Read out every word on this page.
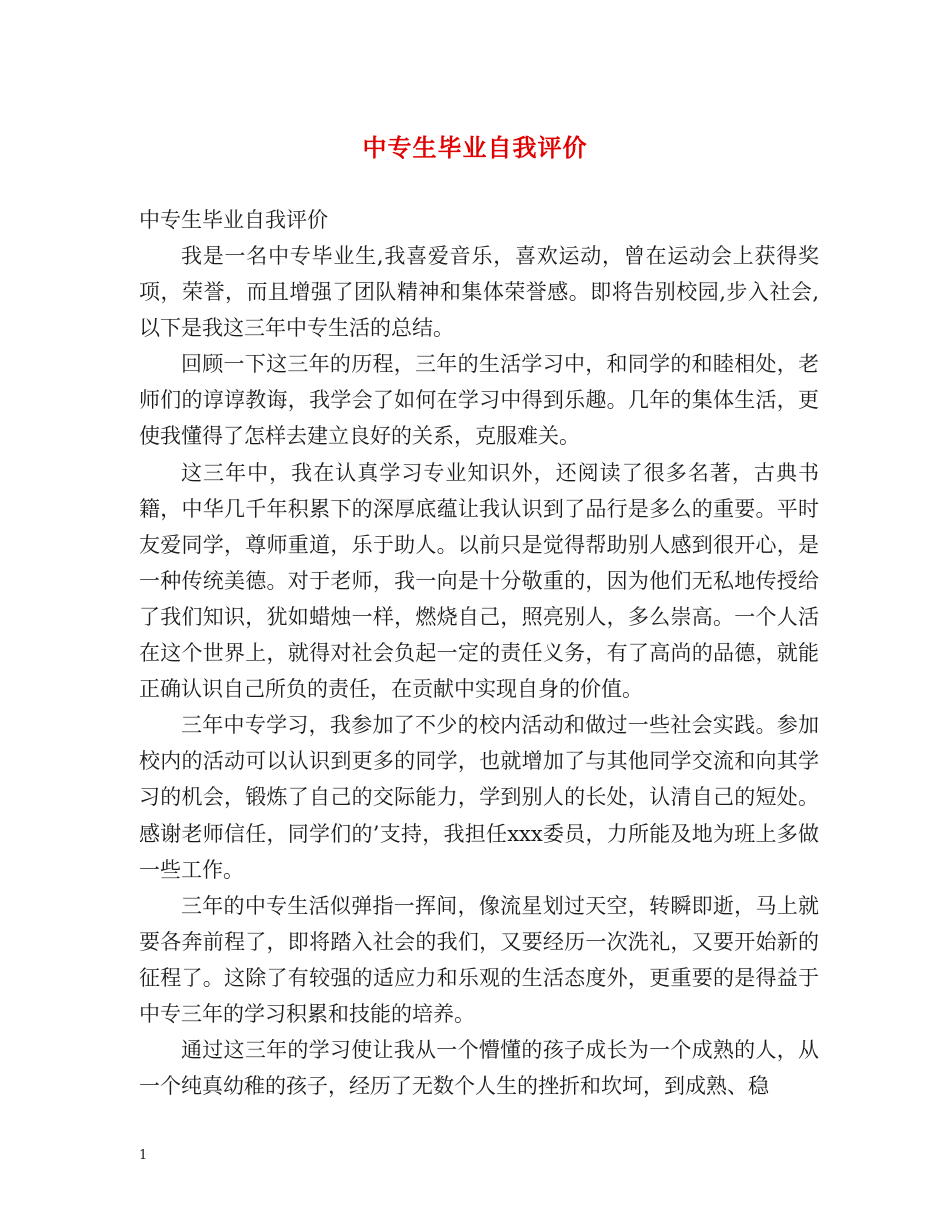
中专生毕业自我评价

中专生毕业自我评价

我是一名中专毕业生,我喜爱音乐，喜欢运动，曾在运动会上获得奖项，荣誉，而且增强了团队精神和集体荣誉感。即将告别校园,步入社会,以下是我这三年中专生活的总结。

回顾一下这三年的历程，三年的生活学习中，和同学的和睦相处，老师们的谆谆教诲，我学会了如何在学习中得到乐趣。几年的集体生活，更使我懂得了怎样去建立良好的关系，克服难关。

这三年中，我在认真学习专业知识外，还阅读了很多名著，古典书籍，中华几千年积累下的深厚底蕴让我认识到了品行是多么的重要。平时友爱同学，尊师重道，乐于助人。以前只是觉得帮助别人感到很开心，是一种传统美德。对于老师，我一向是十分敬重的，因为他们无私地传授给了我们知识，犹如蜡烛一样，燃烧自己，照亮别人，多么崇高。一个人活在这个世界上，就得对社会负起一定的责任义务，有了高尚的品德，就能正确认识自己所负的责任，在贡献中实现自身的价值。

三年中专学习，我参加了不少的校内活动和做过一些社会实践。参加校内的活动可以认识到更多的同学，也就增加了与其他同学交流和向其学习的机会，锻炼了自己的交际能力，学到别人的长处，认清自己的短处。感谢老师信任，同学们的’支持，我担任xxx委员，力所能及地为班上多做一些工作。

三年的中专生活似弹指一挥间，像流星划过天空，转瞬即逝，马上就要各奔前程了，即将踏入社会的我们，又要经历一次洗礼，又要开始新的征程了。这除了有较强的适应力和乐观的生活态度外，更重要的是得益于中专三年的学习积累和技能的培养。

通过这三年的学习使让我从一个懵懂的孩子成长为一个成熟的人，从一个纯真幼稚的孩子，经历了无数个人生的挫折和坎坷，到成熟、稳

1
